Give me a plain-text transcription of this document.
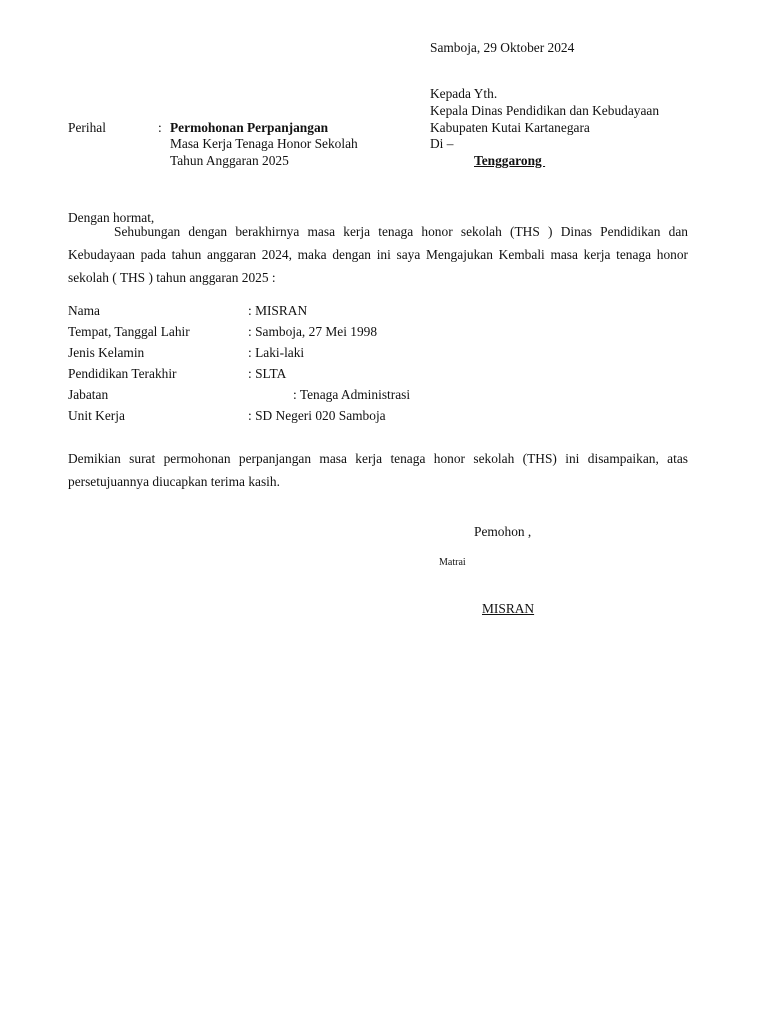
Samboja, 29 Oktober 2024
Kepada Yth.
Kepala Dinas Pendidikan dan Kebudayaan
Kabupaten Kutai Kartanegara
Di –
Tenggarong
Perihal	: Permohonan Perpanjangan
Masa Kerja Tenaga Honor Sekolah
Tahun Anggaran 2025
Dengan hormat,
Sehubungan dengan berakhirnya masa kerja tenaga honor sekolah (THS ) Dinas Pendidikan dan Kebudayaan pada tahun anggaran 2024, maka dengan ini saya Mengajukan Kembali masa kerja tenaga honor sekolah ( THS ) tahun anggaran 2025 :
Nama	: MISRAN
Tempat, Tanggal Lahir	: Samboja, 27 Mei 1998
Jenis Kelamin	: Laki-laki
Pendidikan Terakhir	: SLTA
Jabatan	: Tenaga Administrasi
Unit Kerja	: SD Negeri 020 Samboja
Demikian surat permohonan perpanjangan masa kerja tenaga honor sekolah (THS) ini disampaikan, atas persetujuannya diucapkan terima kasih.
Pemohon ,
Matrai
MISRAN
